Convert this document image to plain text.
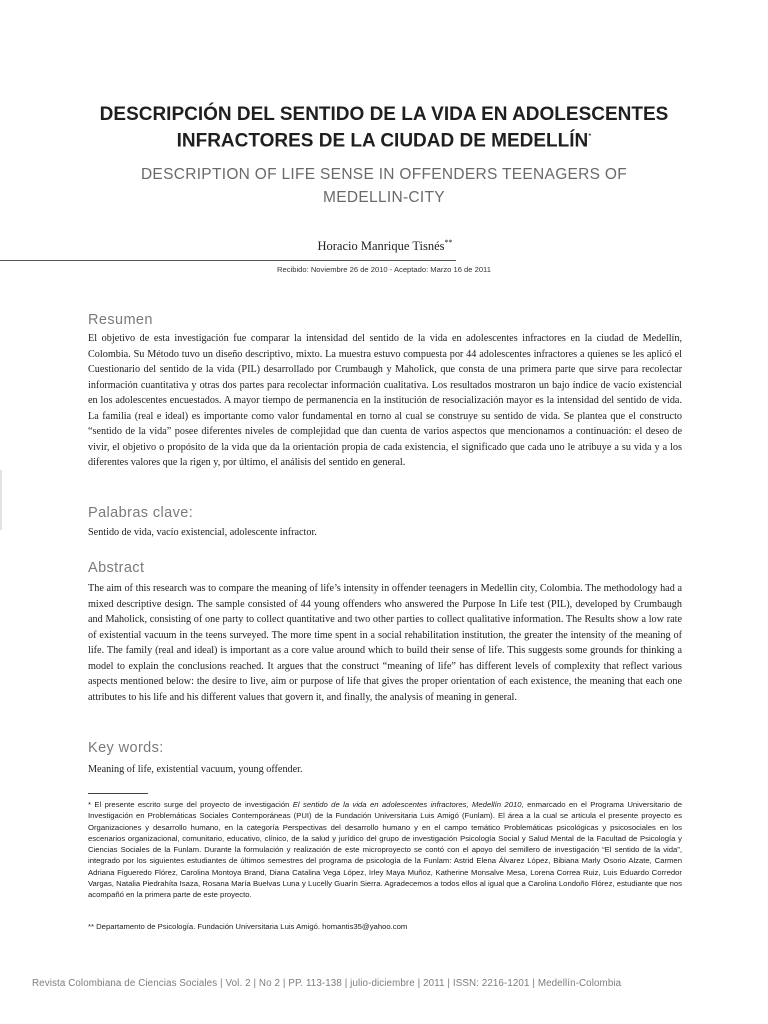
DESCRIPCIÓN DEL SENTIDO DE LA VIDA EN ADOLESCENTES
INFRACTORES DE LA CIUDAD DE MEDELLÍN*
DESCRIPTION OF LIFE SENSE IN OFFENDERS TEENAGERS OF
MEDELLIN-CITY
Horacio Manrique Tisnés**
Recibido: Noviembre 26 de 2010 - Aceptado: Marzo 16 de 2011
Resumen
El objetivo de esta investigación fue comparar la intensidad del sentido de la vida en adolescentes infractores en la ciudad de Medellín, Colombia. Su Método tuvo un diseño descriptivo, mixto. La muestra estuvo compuesta por 44 adolescentes infractores a quienes se les aplicó el Cuestionario del sentido de la vida (PIL) desarrollado por Crumbaugh y Maholick, que consta de una primera parte que sirve para recolectar información cuantitativa y otras dos partes para recolectar información cualitativa. Los resultados mostraron un bajo índice de vacío existencial en los adolescentes encuestados. A mayor tiempo de permanencia en la institución de resocialización mayor es la intensidad del sentido de vida. La familia (real e ideal) es importante como valor fundamental en torno al cual se construye su sentido de vida. Se plantea que el constructo “sentido de la vida” posee diferentes niveles de complejidad que dan cuenta de varios aspectos que mencionamos a continuación: el deseo de vivir, el objetivo o propósito de la vida que da la orientación propia de cada existencia, el significado que cada uno le atribuye a su vida y a los diferentes valores que la rigen y, por último, el análisis del sentido en general.
Palabras clave:
Sentido de vida, vacío existencial, adolescente infractor.
Abstract
The aim of this research was to compare the meaning of life’s intensity in offender teenagers in Medellin city, Colombia. The methodology had a mixed descriptive design. The sample consisted of 44 young offenders who answered the Purpose In Life test (PIL), developed by Crumbaugh and Maholick, consisting of one party to collect quantitative and two other parties to collect qualitative information. The Results show a low rate of existential vacuum in the teens surveyed. The more time spent in a social rehabilitation institution, the greater the intensity of the meaning of life. The family (real and ideal) is important as a core value around which to build their sense of life. This suggests some grounds for thinking a model to explain the conclusions reached. It argues that the construct “meaning of life” has different levels of complexity that reflect various aspects mentioned below: the desire to live, aim or purpose of life that gives the proper orientation of each existence, the meaning that each one attributes to his life and his different values that govern it, and finally, the analysis of meaning in general.
Key words:
Meaning of life, existential vacuum, young offender.
* El presente escrito surge del proyecto de investigación El sentido de la vida en adolescentes infractores, Medellín 2010, enmarcado en el Programa Universitario de Investigación en Problemáticas Sociales Contemporáneas (PUI) de la Fundación Universitaria Luis Amigó (Funlam). El área a la cual se articula el presente proyecto es Organizaciones y desarrollo humano, en la categoría Perspectivas del desarrollo humano y en el campo temático Problemáticas psicológicas y psicosociales en los escenarios organizacional, comunitario, educativo, clínico, de la salud y jurídico del grupo de investigación Psicología Social y Salud Mental de la Facultad de Psicología y Ciencias Sociales de la Funlam. Durante la formulación y realización de este microproyecto se contó con el apoyo del semillero de investigación “El sentido de la vida”, integrado por los siguientes estudiantes de últimos semestres del programa de psicología de la Funlam: Astrid Elena Álvarez López, Bibiana Marly Osorio Alzate, Carmen Adriana Figueredo Flórez, Carolina Montoya Brand, Diana Catalina Vega López, Irley Maya Muñoz, Katherine Monsalve Mesa, Lorena Correa Ruiz, Luis Eduardo Corredor Vargas, Natalia Piedrahíta Isaza, Rosana María Buelvas Luna y Lucelly Guarín Sierra. Agradecemos a todos ellos al igual que a Carolina Londoño Flórez, estudiante que nos acompañó en la primera parte de este proyecto.
** Departamento de Psicología. Fundación Universitaria Luis Amigó. homantis35@yahoo.com
Revista Colombiana de Ciencias Sociales | Vol. 2 | No 2 | PP. 113-138 | julio-diciembre | 2011 | ISSN: 2216-1201 | Medellín-Colombia
